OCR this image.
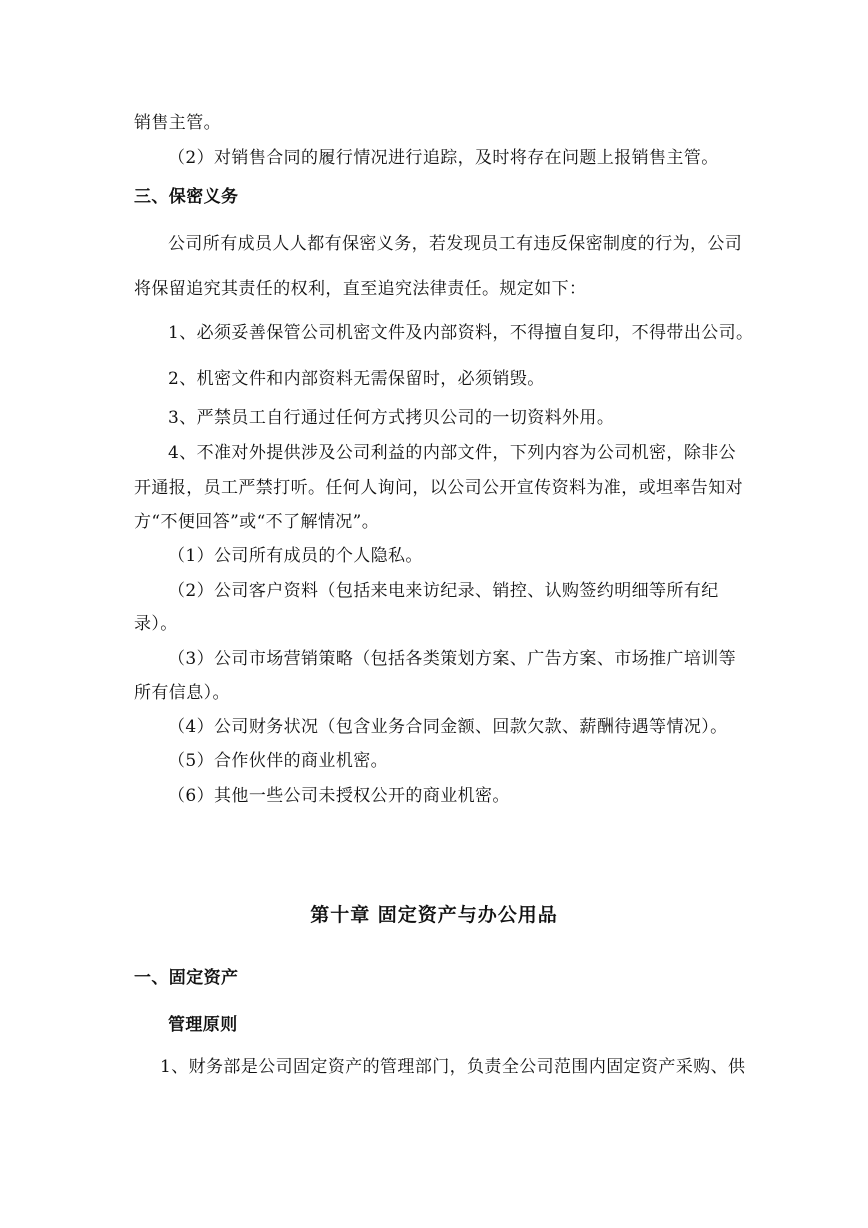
销售主管。
（2）对销售合同的履行情况进行追踪，及时将存在问题上报销售主管。
三、保密义务
公司所有成员人人都有保密义务，若发现员工有违反保密制度的行为，公司
将保留追究其责任的权利，直至追究法律责任。规定如下：
1、必须妥善保管公司机密文件及内部资料，不得擅自复印，不得带出公司。
2、机密文件和内部资料无需保留时，必须销毁。
3、严禁员工自行通过任何方式拷贝公司的一切资料外用。
4、不准对外提供涉及公司利益的内部文件，下列内容为公司机密，除非公
开通报，员工严禁打听。任何人询问，以公司公开宣传资料为准，或坦率告知对
方“不便回答”或“不了解情况”。
（1）公司所有成员的个人隐私。
（2）公司客户资料（包括来电来访纪录、销控、认购签约明细等所有纪
录）。
（3）公司市场营销策略（包括各类策划方案、广告方案、市场推广培训等
所有信息）。
（4）公司财务状况（包含业务合同金额、回款欠款、薪酬待遇等情况）。
（5）合作伙伴的商业机密。
（6）其他一些公司未授权公开的商业机密。
第十章 固定资产与办公用品
一、固定资产
管理原则
1、财务部是公司固定资产的管理部门，负责全公司范围内固定资产采购、供
